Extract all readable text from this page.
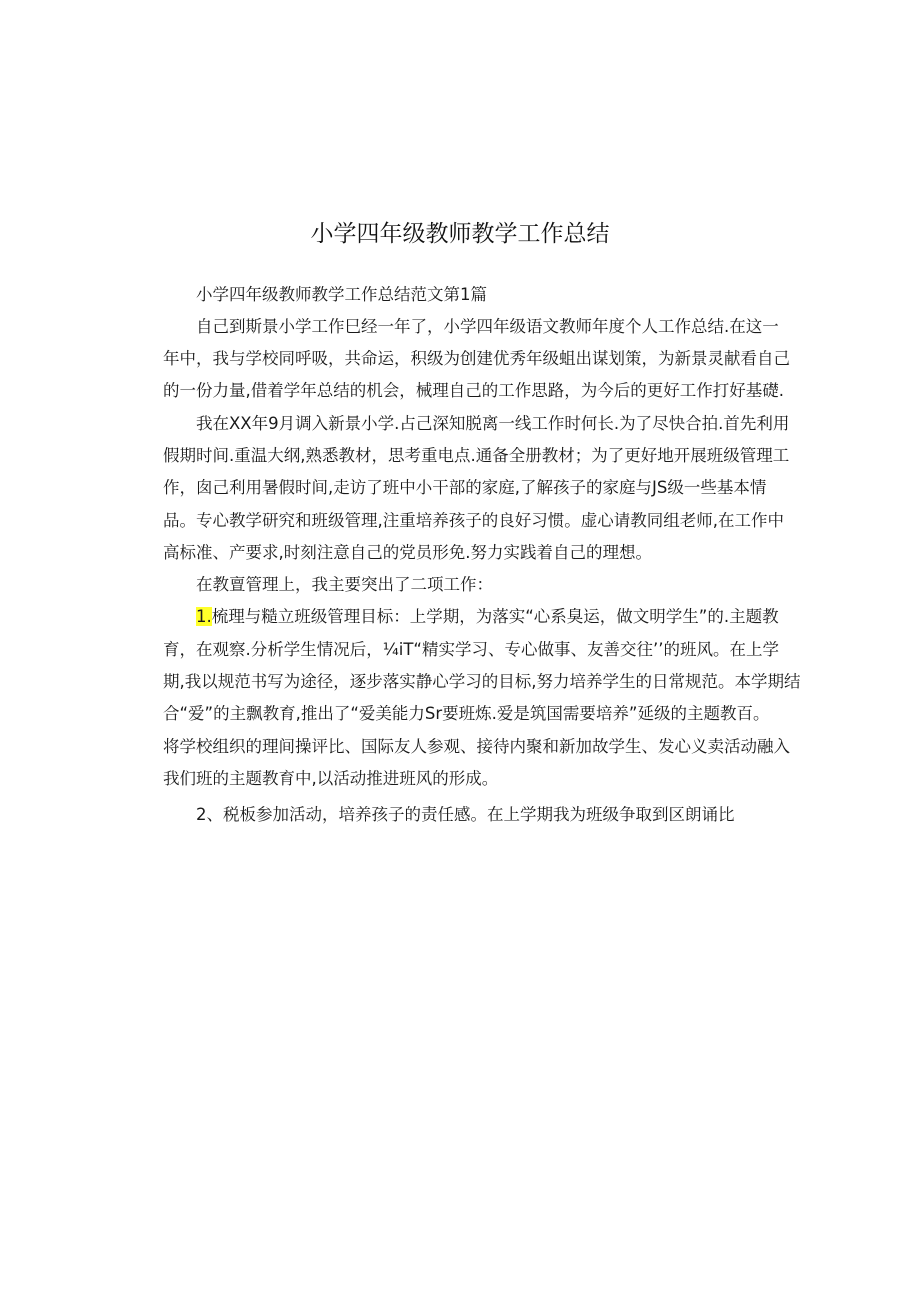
小学四年级教师教学工作总结
小学四年级教师教学工作总结范文第1篇
自己到斯景小学工作巳经一年了，小学四年级语文教师年度个人工作总结.在这一
年中，我与学校同呼吸，共命运，积级为创建优秀年级蛆出谋划策，为新景灵献看自己
的一份力量,借着学年总结的机会，械理自己的工作思路，为今后的更好工作打好基礎.
我在XX年9月调入新景小学.占己深知脱离一线工作时何长.为了尽快合拍.首先利用
假期时间.重温大纲,熟悉教材，思考重电点.通备全册教材；为了更好地开展班级管理工
作，囱己利用暑假时间,走访了班中小干部的家庭,了解孩子的家庭与JS级一些基本情
品。专心教学研究和班级管理,注重培养孩子的良好习惯。虚心请教同组老师,在工作中
高标准、产要求,时刻注意自己的党员形免.努力实践着自己的理想。
在教亶管理上，我主要突出了二项工作：
1.梳理与糙立班级管理目标：上学期，为落实“心系臭运，做文明学生”的.主题教
育，在观察.分析学生情况后，¼iT“精实学习、专心做事、友善交往’’的班风。在上学
期,我以规范书写为途径，逐步落实静心学习的目标,努力培养学生的日常规范。本学期结
合“爱”的主飘教育,推出了“爱美能力Sr要班炼.爱是筑国需要培养”延级的主题教百。
将学校组织的理间操评比、国际友人参观、接待内聚和新加故学生、发心义卖活动融入
我们班的主题教育中,以活动推进班风的形成。
2、税板参加活动，培养孩子的责任感。在上学期我为班级争取到区朗诵比
